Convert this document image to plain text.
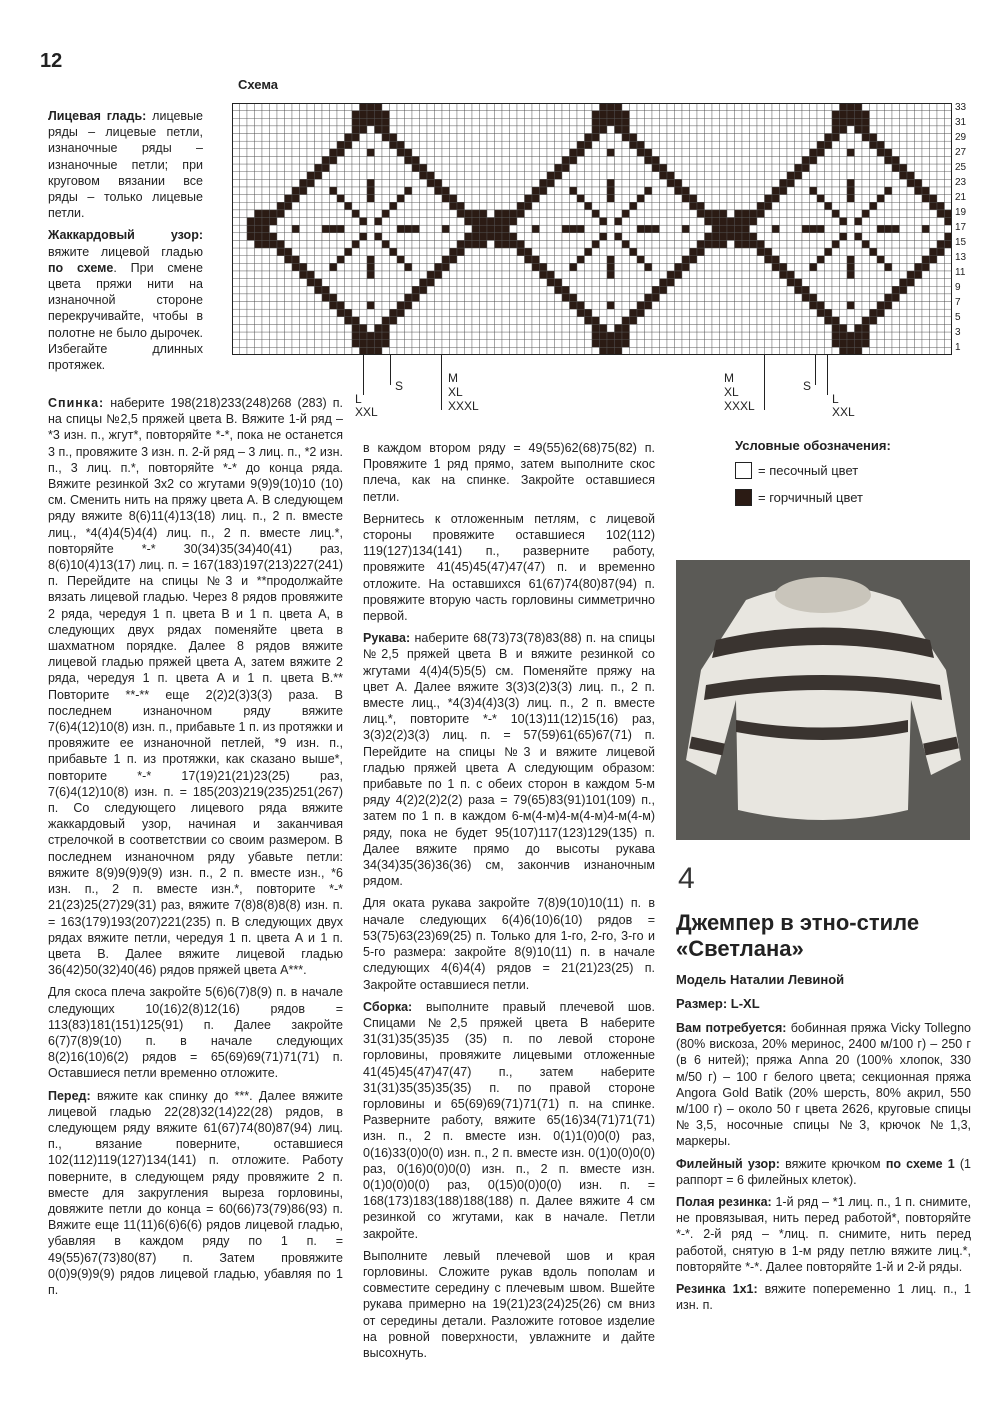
12
Схема
33
31
29
27
25
23
21
19
17
15
13
11
9
7
5
3
1
L
XXL
S
M
XL
XXXL
M
XL
XXXL
S
L
XXL

Лицевая гладь: лицевые ряды – лицевые петли, изнаночные ряды – изнаночные петли; при круговом вязании все ряды – только лицевые петли.

Жаккардовый узор: вяжите лицевой гладью по схеме. При смене цвета пряжи нити на изнаночной стороне перекручивайте, чтобы в полотне не было дырочек. Избегайте длинных протяжек.

Спинка: наберите 198(218)233(248)268 (283) п. на спицы №2,5 пряжей цвета B. Вяжите 1-й ряд – *3 изн. п., жгут*, повторяйте *-*, пока не останется 3 п., провяжите 3 изн. п. 2-й ряд – 3 лиц. п., *2 изн. п., 3 лиц. п.*, повторяйте *-* до конца ряда. Вяжите резинкой 3х2 со жгутами 9(9)9(10)10 (10) см. Сменить нить на пряжу цвета A. В следующем ряду вяжите 8(6)11(4)13(18) лиц. п., 2 п. вместе лиц., *4(4)4(5)4(4) лиц. п., 2 п. вместе лиц.*, повторяйте *-* 30(34)35(34)40(41) раз, 8(6)10(4)13(17) лиц. п. = 167(183)197(213)227(241) п. Перейдите на спицы №3 и **продолжайте вязать лицевой гладью. Через 8 рядов провяжите 2 ряда, чередуя 1 п. цвета B и 1 п. цвета A, в следующих двух рядах поменяйте цвета в шахматном порядке. Далее 8 рядов вяжите лицевой гладью пряжей цвета A, затем вяжите 2 ряда, чередуя 1 п. цвета A и 1 п. цвета B.** Повторите **-** еще 2(2)2(3)3(3) раза. В последнем изнаночном ряду вяжите 7(6)4(12)10(8) изн. п., прибавьте 1 п. из протяжки и провяжите ее изнаночной петлей, *9 изн. п., прибавьте 1 п. из протяжки, как сказано выше*, повторите *-* 17(19)21(21)23(25) раз, 7(6)4(12)10(8) изн. п. = 185(203)219(235)251(267) п. Со следующего лицевого ряда вяжите жаккардовый узор, начиная и заканчивая стрелочкой в соответствии со своим размером. В последнем изнаночном ряду убавьте петли: вяжите 8(9)9(9)9(9) изн. п., 2 п. вместе изн., *6 изн. п., 2 п. вместе изн.*, повторите *-* 21(23)25(27)29(31) раз, вяжите 7(8)8(8)8(8) изн. п. = 163(179)193(207)221(235) п. В следующих двух рядах вяжите петли, чередуя 1 п. цвета A и 1 п. цвета B. Далее вяжите лицевой гладью 36(42)50(32)40(46) рядов пряжей цвета A***.

Для скоса плеча закройте 5(6)6(7)8(9) п. в начале следующих 10(16)2(8)12(16) рядов = 113(83)181(151)125(91) п. Далее закройте 6(7)7(8)9(10) п. в начале следующих 8(2)16(10)6(2) рядов = 65(69)69(71)71(71) п. Оставшиеся петли временно отложите.

Перед: вяжите как спинку до ***. Далее вяжите лицевой гладью 22(28)32(14)22(28) рядов, в следующем ряду вяжите 61(67)74(80)87(94) лиц. п., вязание поверните, оставшиеся 102(112)119(127)134(141) п. отложите. Работу поверните, в следующем ряду провяжите 2 п. вместе для закругления выреза горловины, довяжите петли до конца = 60(66)73(79)86(93) п. Вяжите еще 11(11)6(6)6(6) рядов лицевой гладью, убавляя в каждом ряду по 1 п. = 49(55)67(73)80(87) п. Затем провяжите 0(0)9(9)9(9) рядов лицевой гладью, убавляя по 1 п.

в каждом втором ряду = 49(55)62(68)75(82) п. Провяжите 1 ряд прямо, затем выполните скос плеча, как на спинке. Закройте оставшиеся петли.

Вернитесь к отложенным петлям, с лицевой стороны провяжите оставшиеся 102(112) 119(127)134(141) п., разверните работу, провяжите 41(45)45(47)47(47) п. и временно отложите. На оставшихся 61(67)74(80)87(94) п. провяжите вторую часть горловины симметрично первой.

Рукава: наберите 68(73)73(78)83(88) п. на спицы №2,5 пряжей цвета B и вяжите резинкой со жгутами 4(4)4(5)5(5) см. Поменяйте пряжу на цвет A. Далее вяжите 3(3)3(2)3(3) лиц. п., 2 п. вместе лиц., *4(3)4(4)3(3) лиц. п., 2 п. вместе лиц.*, повторите *-* 10(13)11(12)15(16) раз, 3(3)2(2)3(3) лиц. п. = 57(59)61(65)67(71) п. Перейдите на спицы №3 и вяжите лицевой гладью пряжей цвета A следующим образом: прибавьте по 1 п. с обеих сторон в каждом 5-м ряду 4(2)2(2)2(2) раза = 79(65)83(91)101(109) п., затем по 1 п. в каждом 6-м(4-м)4-м(4-м)4-м(4-м) ряду, пока не будет 95(107)117(123)129(135) п. Далее вяжите прямо до высоты рукава 34(34)35(36)36(36) см, закончив изнаночным рядом.

Для оката рукава закройте 7(8)9(10)10(11) п. в начале следующих 6(4)6(10)6(10) рядов = 53(75)63(23)69(25) п. Только для 1-го, 2-го, 3-го и 5-го размера: закройте 8(9)10(11) п. в начале следующих 4(6)4(4) рядов = 21(21)23(25) п. Закройте оставшиеся петли.

Сборка: выполните правый плечевой шов. Спицами №2,5 пряжей цвета B наберите 31(31)35(35)35 (35) п. по левой стороне горловины, провяжите лицевыми отложенные 41(45)45(47)47(47) п., затем наберите 31(31)35(35)35(35) п. по правой стороне горловины и 65(69)69(71)71(71) п. на спинке. Разверните работу, вяжите 65(16)34(71)71(71) изн. п., 2 п. вместе изн. 0(1)1(0)0(0) раз, 0(16)33(0)0(0) изн. п., 2 п. вместе изн. 0(1)0(0)0(0) раз, 0(16)0(0)0(0) изн. п., 2 п. вместе изн. 0(1)0(0)0(0) раз, 0(15)0(0)0(0) изн. п. = 168(173)183(188)188(188) п. Далее вяжите 4 см резинкой со жгутами, как в начале. Петли закройте.

Выполните левый плечевой шов и края горловины. Сложите рукав вдоль пополам и совместите середину с плечевым швом. Вшейте рукава примерно на 19(21)23(24)25(26) см вниз от середины детали. Разложите готовое изделие на ровной поверхности, увлажните и дайте высохнуть.

Условные обозначения:
= песочный цвет
= горчичный цвет
4
Джемпер в этно-стиле «Светлана»
Модель Наталии Левиной
Размер: L-XL

Вам потребуется: бобинная пряжа Vicky Tollegno (80% вискоза, 20% меринос, 2400 м/100 г) – 250 г (в 6 нитей); пряжа Anna 20 (100% хлопок, 330 м/50 г) – 100 г белого цвета; секционная пряжа Angora Gold Batik (20% шерсть, 80% акрил, 550 м/100 г) – около 50 г цвета 2626, круговые спицы №3,5, носочные спицы №3, крючок №1,3, маркеры.

Филейный узор: вяжите крючком по схеме 1 (1 раппорт = 6 филейных клеток).

Полая резинка: 1-й ряд – *1 лиц. п., 1 п. снимите, не провязывая, нить перед работой*, повторяйте *-*. 2-й ряд – *лиц. п. снимите, нить перед работой, снятую в 1-м ряду петлю вяжите лиц.*, повторяйте *-*. Далее повторяйте 1-й и 2-й ряды.

Резинка 1х1: вяжите попеременно 1 лиц. п., 1 изн. п.
